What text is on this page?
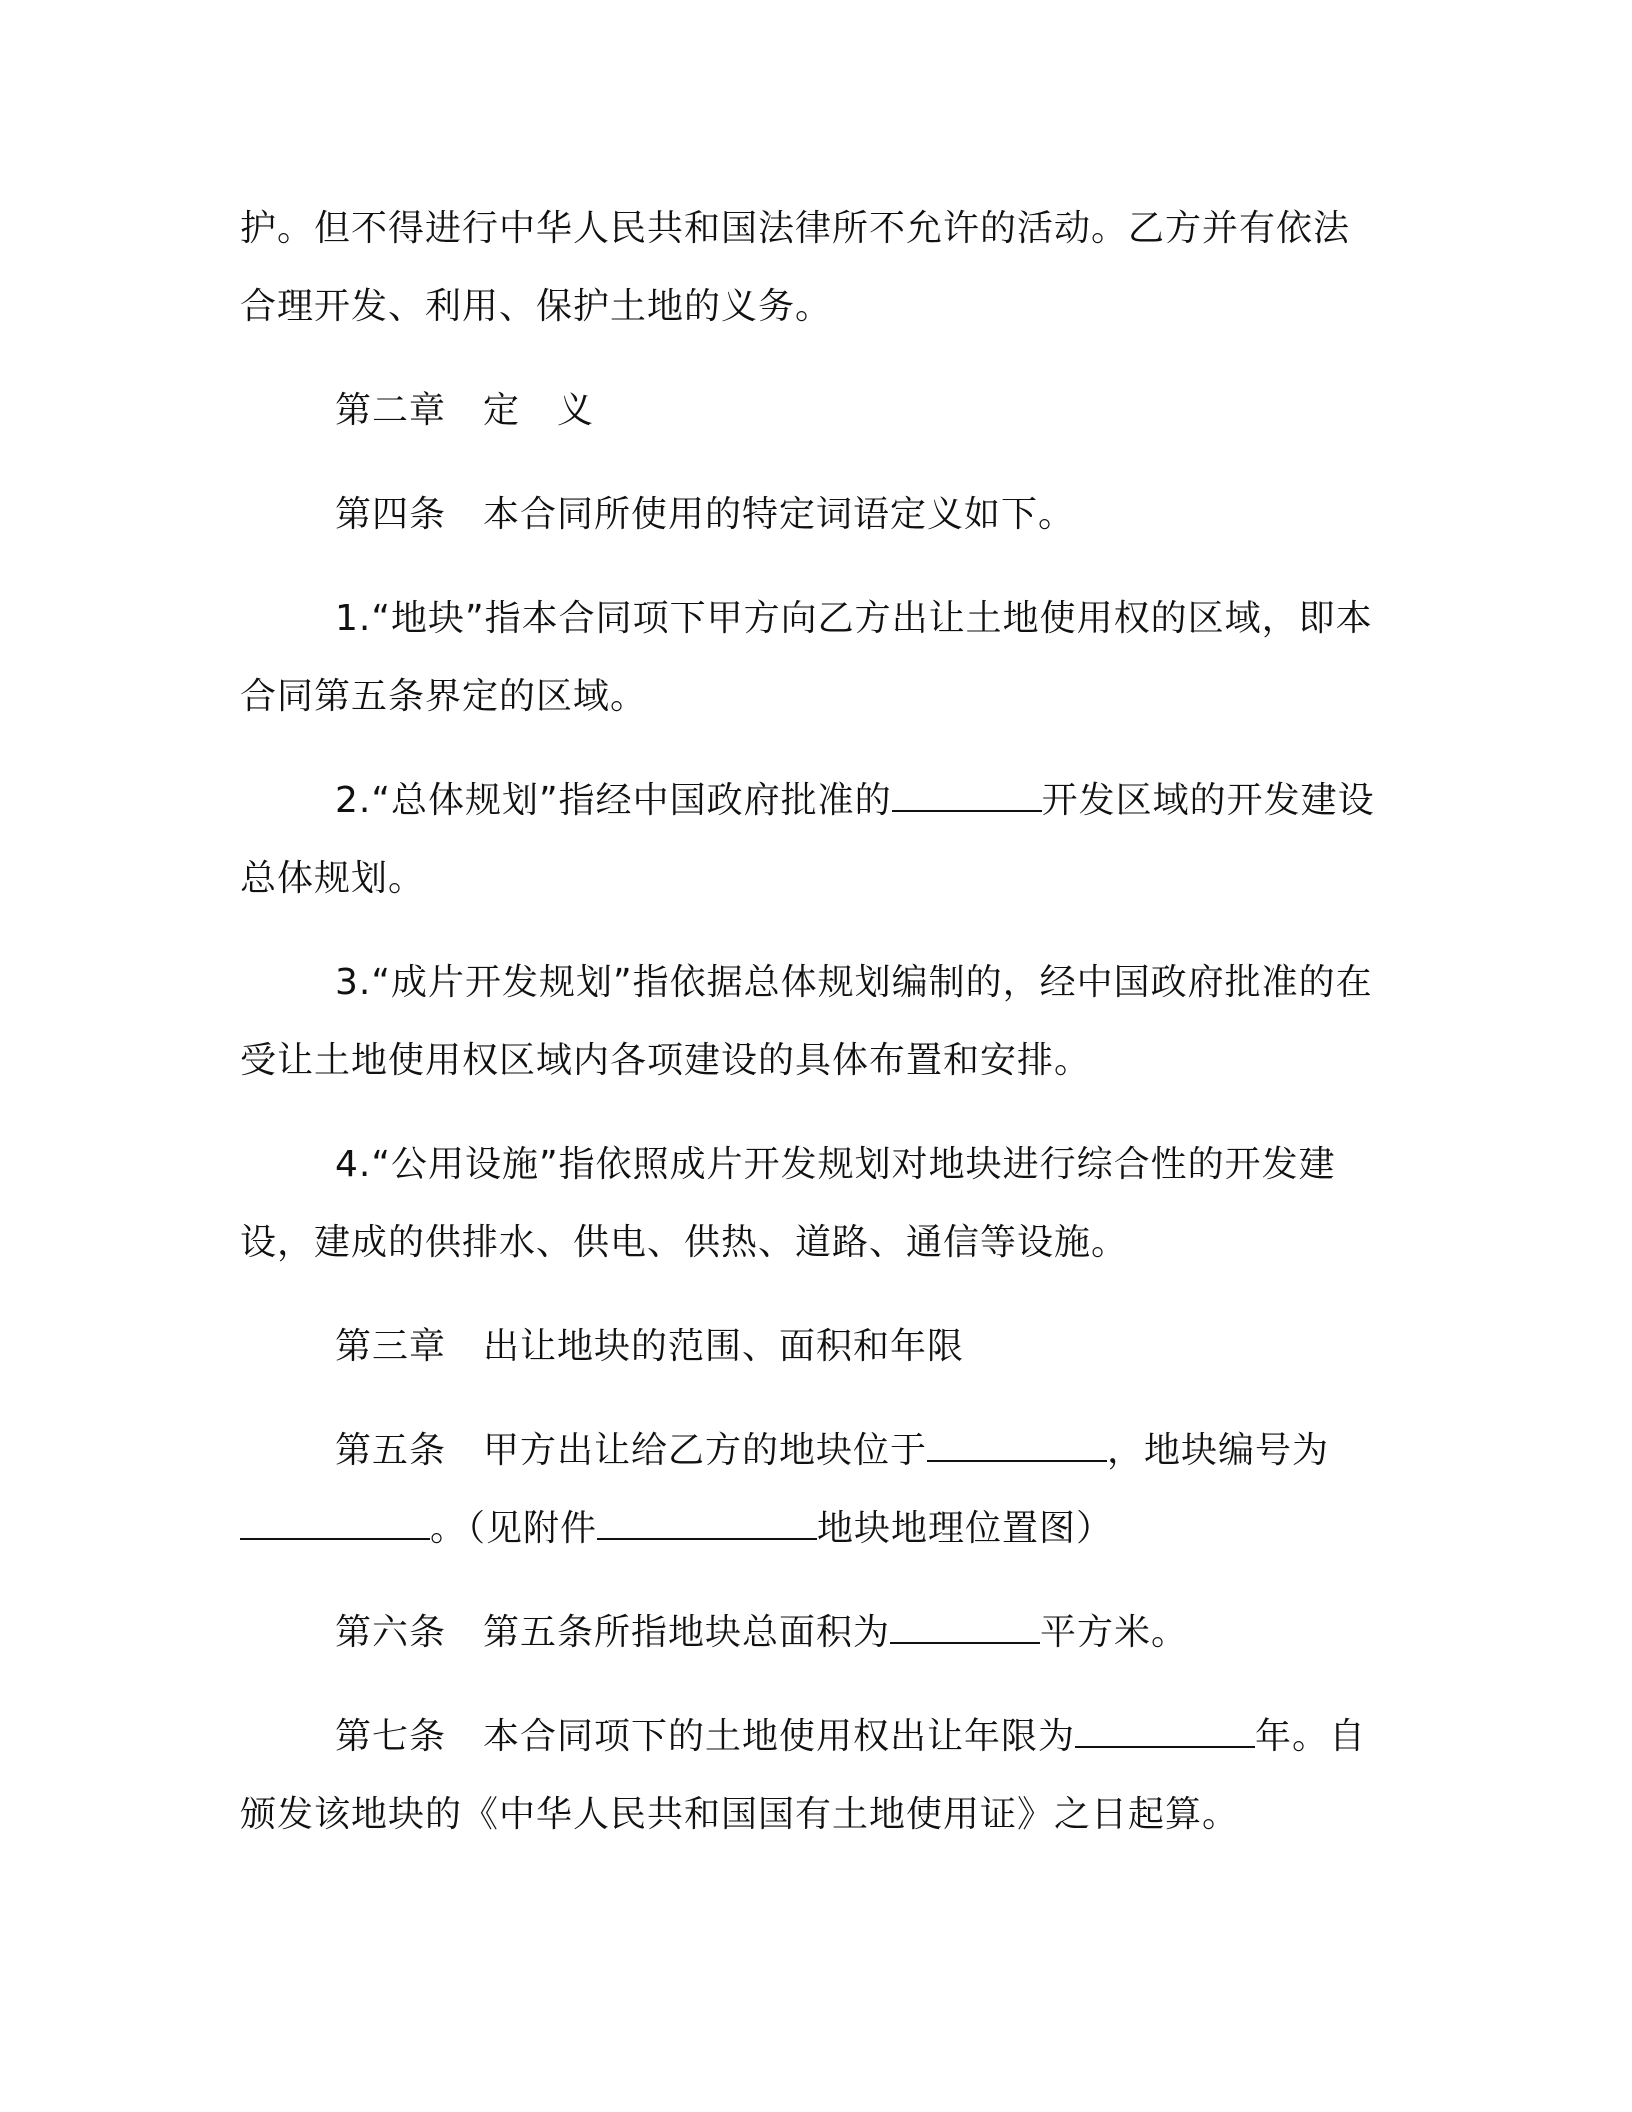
护。但不得进行中华人民共和国法律所不允许的活动。乙方并有依法合理开发、利用、保护土地的义务。

第二章　定　义

第四条　本合同所使用的特定词语定义如下。

1.“地块”指本合同项下甲方向乙方出让土地使用权的区域，即本合同第五条界定的区域。

2.“总体规划”指经中国政府批准的	开发区域的开发建设总体规划。

3.“成片开发规划”指依据总体规划编制的，经中国政府批准的在受让土地使用权区域内各项建设的具体布置和安排。

4.“公用设施”指依照成片开发规划对地块进行综合性的开发建设，建成的供排水、供电、供热、道路、通信等设施。

第三章　出让地块的范围、面积和年限

第五条　甲方出让给乙方的地块位于	，地块编号为。（见附件	地块地理位置图）

第六条　第五条所指地块总面积为	平方米。

第七条　本合同项下的土地使用权出让年限为	年。自颁发该地块的《中华人民共和国国有土地使用证》之日起算。
